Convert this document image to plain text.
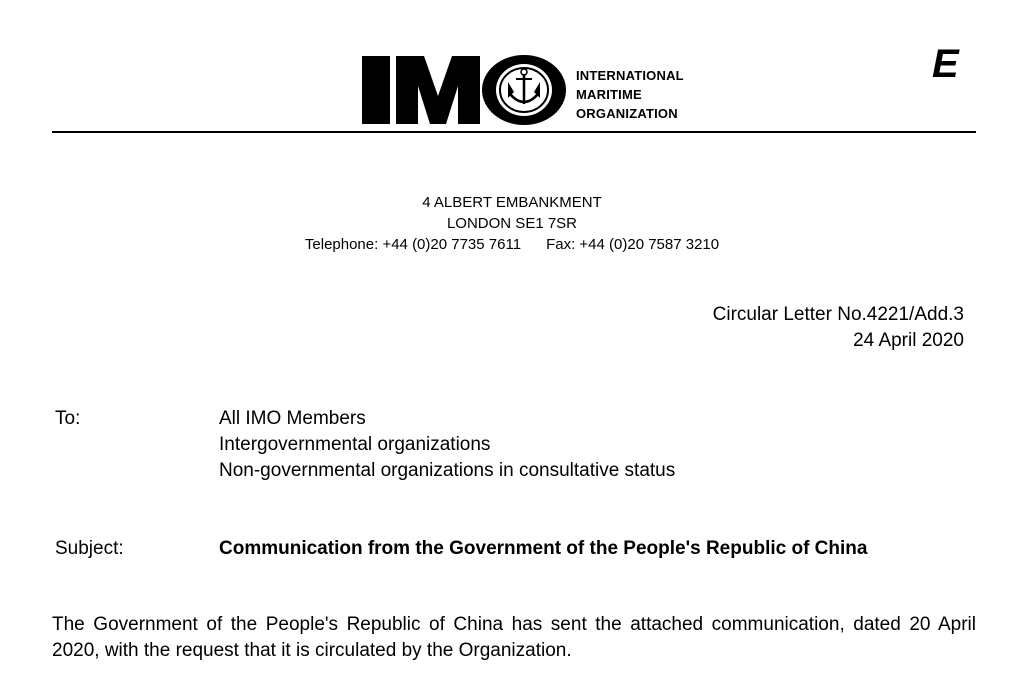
INTERNATIONAL
MARITIME
ORGANIZATION
E
4 ALBERT EMBANKMENT
LONDON SE1 7SR
Telephone: +44 (0)20 7735 7611 Fax: +44 (0)20 7587 3210
Circular Letter No.4221/Add.3
24 April 2020
To:	All IMO Members
Intergovernmental organizations
Non-governmental organizations in consultative status
Subject:	Communication from the Government of the People's Republic of China
The Government of the People's Republic of China has sent the attached communication, dated 20 April 2020, with the request that it is circulated by the Organization.
